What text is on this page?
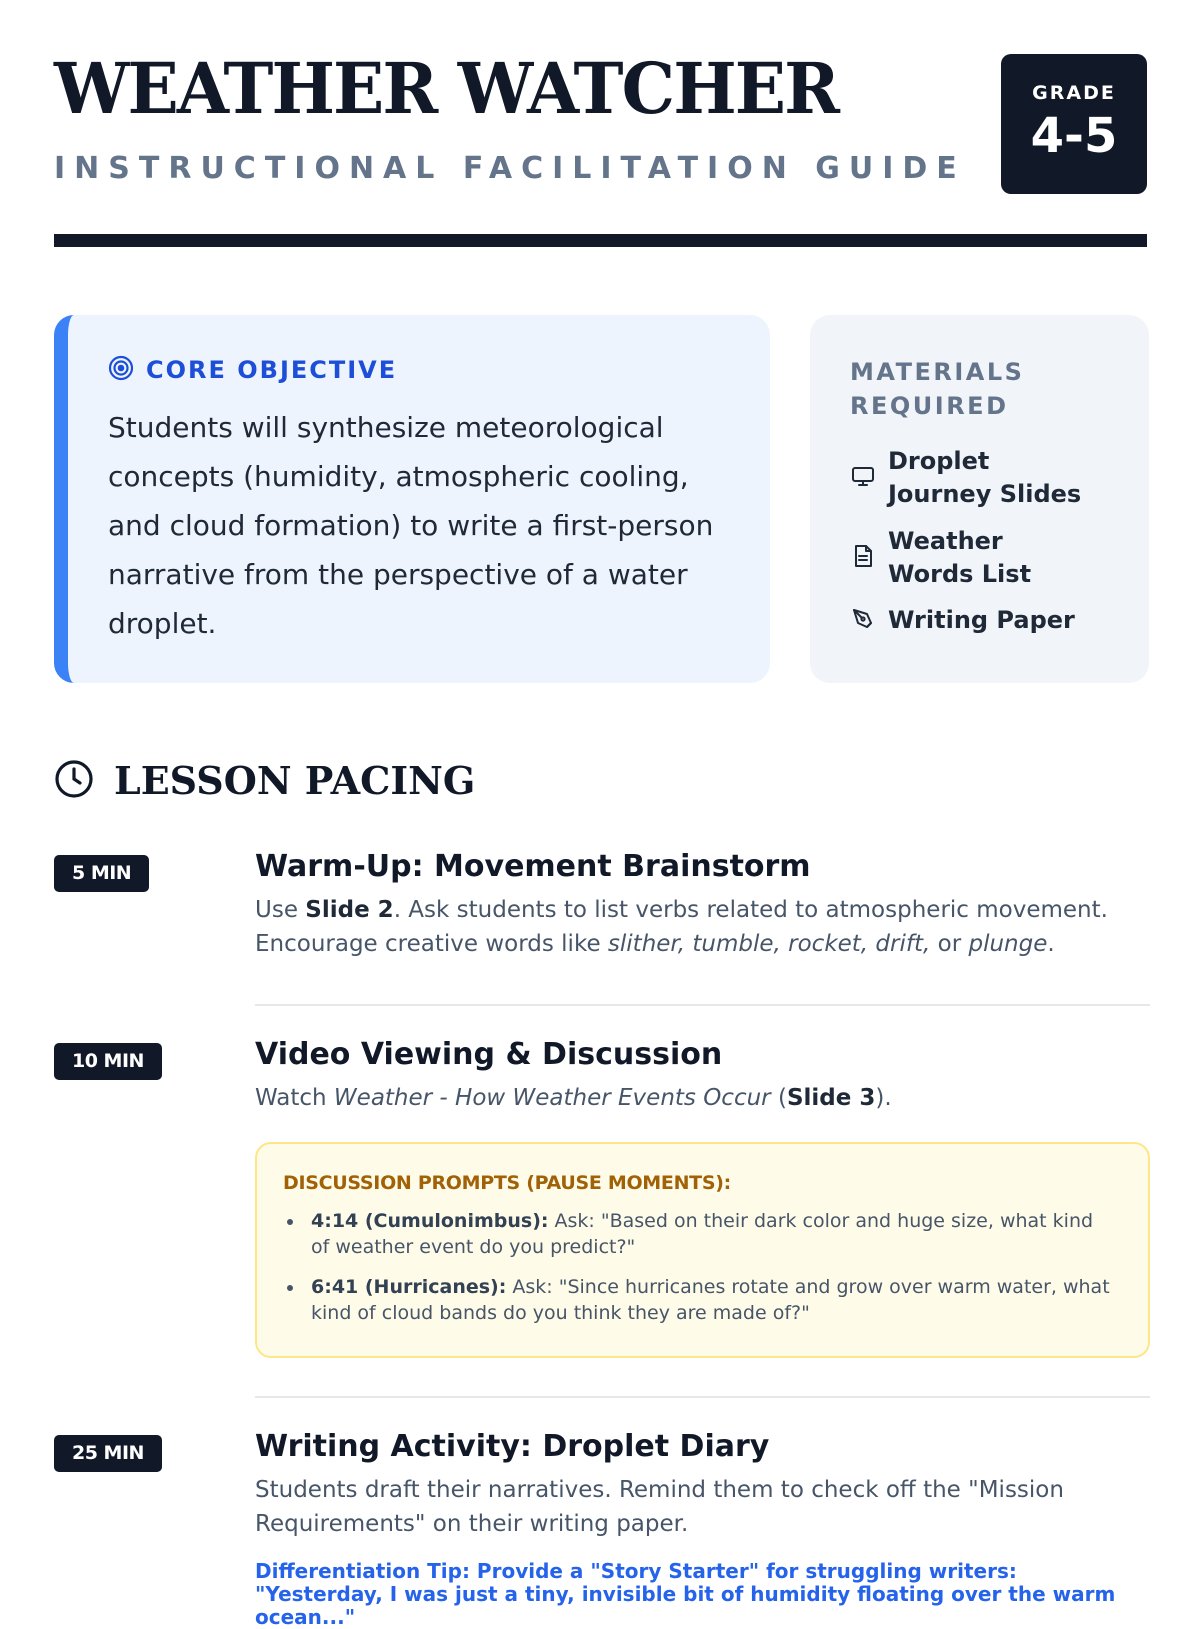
WEATHER WATCHER
INSTRUCTIONAL FACILITATION GUIDE
GRADE
4-5
CORE OBJECTIVE
Students will synthesize meteorological concepts (humidity, atmospheric cooling, and cloud formation) to write a first-person narrative from the perspective of a water droplet.
MATERIALS REQUIRED
Droplet Journey Slides
Weather Words List
Writing Paper
LESSON PACING
5 MIN	Warm-Up: Movement Brainstorm
Use Slide 2. Ask students to list verbs related to atmospheric movement. Encourage creative words like slither, tumble, rocket, drift, or plunge.
10 MIN	Video Viewing & Discussion
Watch Weather - How Weather Events Occur (Slide 3).
DISCUSSION PROMPTS (PAUSE MOMENTS):
4:14 (Cumulonimbus): Ask: "Based on their dark color and huge size, what kind of weather event do you predict?"
6:41 (Hurricanes): Ask: "Since hurricanes rotate and grow over warm water, what kind of cloud bands do you think they are made of?"
25 MIN	Writing Activity: Droplet Diary
Students draft their narratives. Remind them to check off the "Mission Requirements" on their writing paper.
Differentiation Tip: Provide a "Story Starter" for struggling writers: "Yesterday, I was just a tiny, invisible bit of humidity floating over the warm ocean..."
